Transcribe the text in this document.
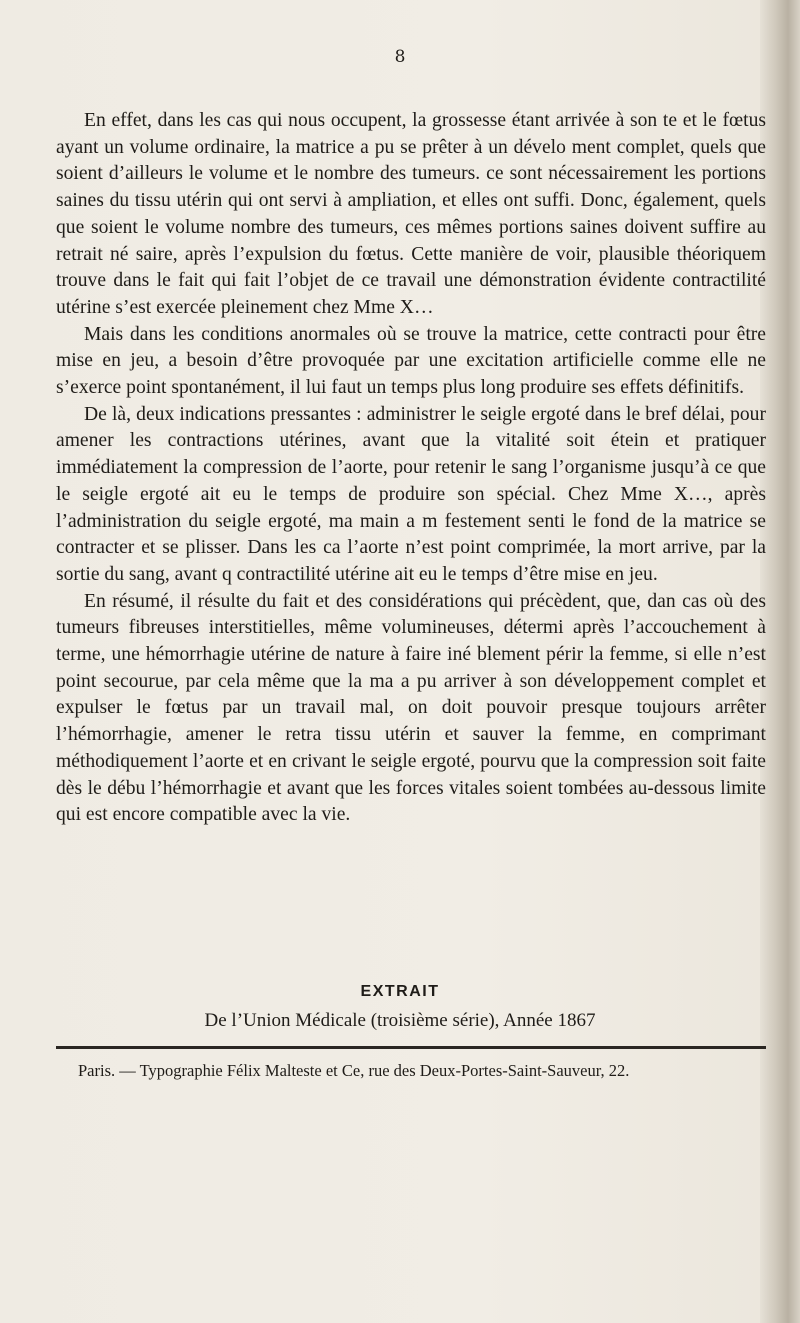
8

En effet, dans les cas qui nous occupent, la grossesse étant arrivée à son te et le fœtus ayant un volume ordinaire, la matrice a pu se prêter à un dévelo ment complet, quels que soient d’ailleurs le volume et le nombre des tumeurs. ce sont nécessairement les portions saines du tissu utérin qui ont servi à ampliation, et elles ont suffi. Donc, également, quels que soient le volume nombre des tumeurs, ces mêmes portions saines doivent suffire au retrait né saire, après l’expulsion du fœtus. Cette manière de voir, plausible théoriquem trouve dans le fait qui fait l’objet de ce travail une démonstration évidente contractilité utérine s’est exercée pleinement chez Mme X…

Mais dans les conditions anormales où se trouve la matrice, cette contracti pour être mise en jeu, a besoin d’être provoquée par une excitation artificielle comme elle ne s’exerce point spontanément, il lui faut un temps plus long produire ses effets définitifs.

De là, deux indications pressantes : administrer le seigle ergoté dans le bref délai, pour amener les contractions utérines, avant que la vitalité soit étein et pratiquer immédiatement la compression de l’aorte, pour retenir le sang l’organisme jusqu’à ce que le seigle ergoté ait eu le temps de produire son spécial. Chez Mme X…, après l’administration du seigle ergoté, ma main a m festement senti le fond de la matrice se contracter et se plisser. Dans les ca l’aorte n’est point comprimée, la mort arrive, par la sortie du sang, avant q contractilité utérine ait eu le temps d’être mise en jeu.

En résumé, il résulte du fait et des considérations qui précèdent, que, dan cas où des tumeurs fibreuses interstitielles, même volumineuses, détermi après l’accouchement à terme, une hémorrhagie utérine de nature à faire iné blement périr la femme, si elle n’est point secourue, par cela même que la ma a pu arriver à son développement complet et expulser le fœtus par un travail mal, on doit pouvoir presque toujours arrêter l’hémorrhagie, amener le retra tissu utérin et sauver la femme, en comprimant méthodiquement l’aorte et en crivant le seigle ergoté, pourvu que la compression soit faite dès le débu l’hémorrhagie et avant que les forces vitales soient tombées au-dessous limite qui est encore compatible avec la vie.

EXTRAIT
De l’Union Médicale (troisième série), Année 1867
Paris. — Typographie Félix Malteste et Ce, rue des Deux-Portes-Saint-Sauveur, 22.
